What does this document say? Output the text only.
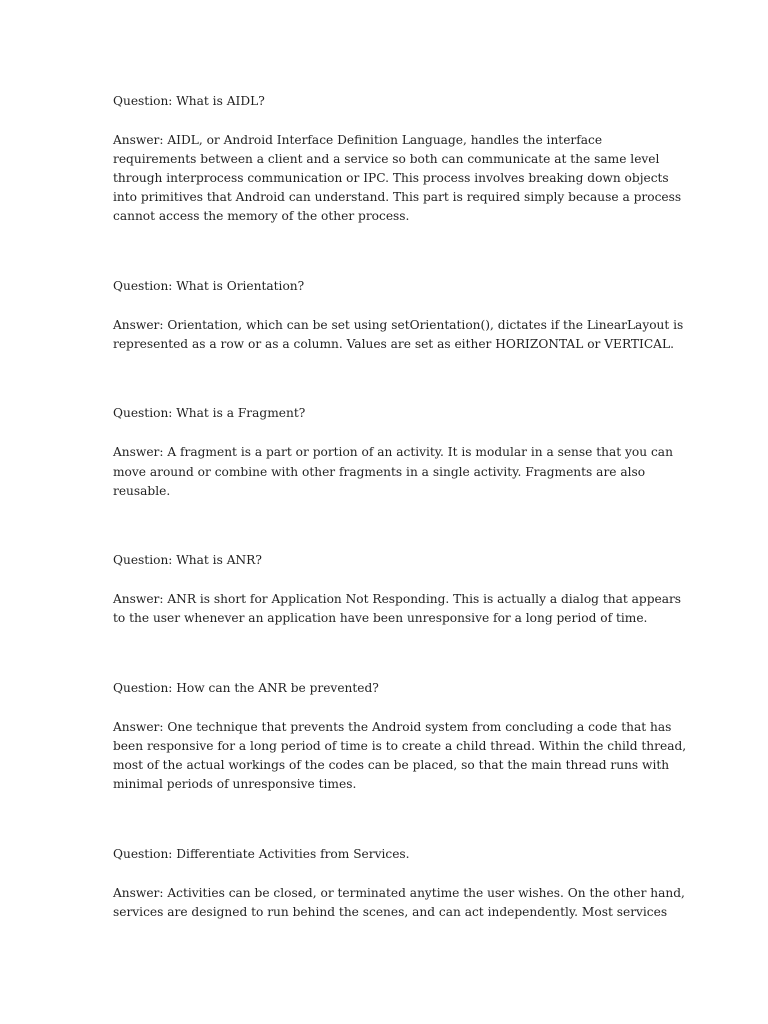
Question: What is AIDL?

Answer: AIDL, or Android Interface Definition Language, handles the interface

requirements between a client and a service so both can communicate at the same level

through interprocess communication or IPC. This process involves breaking down objects

into primitives that Android can understand. This part is required simply because a process

cannot access the memory of the other process.

Question: What is Orientation?

Answer: Orientation, which can be set using setOrientation(), dictates if the LinearLayout is

represented as a row or as a column. Values are set as either HORIZONTAL or VERTICAL.

Question: What is a Fragment?

Answer: A fragment is a part or portion of an activity. It is modular in a sense that you can

move around or combine with other fragments in a single activity. Fragments are also

reusable.

Question: What is ANR?

Answer: ANR is short for Application Not Responding. This is actually a dialog that appears

to the user whenever an application have been unresponsive for a long period of time.

Question: How can the ANR be prevented?

Answer: One technique that prevents the Android system from concluding a code that has

been responsive for a long period of time is to create a child thread. Within the child thread,

most of the actual workings of the codes can be placed, so that the main thread runs with

minimal periods of unresponsive times.

Question: Differentiate Activities from Services.

Answer: Activities can be closed, or terminated anytime the user wishes. On the other hand,

services are designed to run behind the scenes, and can act independently. Most services
